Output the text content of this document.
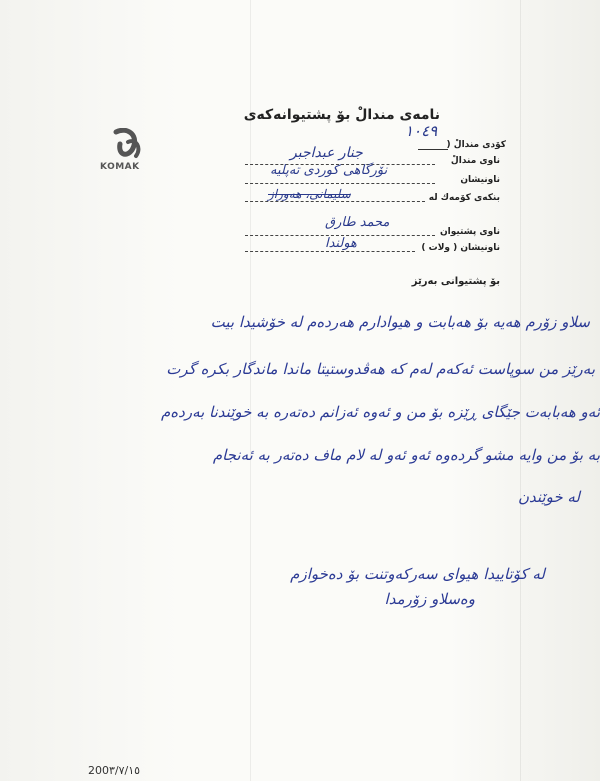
KOMAK
نامەی مندالْ بۆ پشتیوانەکەی
كۆدى مندالْ (
١٠٤٩
ناوی مندالْ
جنار عبداجبر
ناونیشان
نۆرگاهی کوردی تەپلیە
بنکەی کۆمەك لە
سلیمانی، هەوراز
ناوی پشتیوان
محمد طارق
ناونیشان ( ولات )
هولندا
بۆ پشتیوانی بەرێز
سلاو زۆرم هەیە بۆ هەبابت و هیوادارم هەردەم لە خۆشیدا بیت
بەرێز من سوپاست ئەکەم لەم کە هەڤدوستیتا ماندا ماندگار بکرە گرت
ئەو هەبابەت جێگای ڕێزە بۆ من و ئەوە ئەزانم دەتەرە بە خوێندنا بەردەم
بە بۆ من وایە مشو گردەوە ئەو ئەو لە لام ماف دەتەر بە ئەنجام
لە خوێندن
لە کۆتاییدا هیوای سەرکەوتنت بۆ دەخوازم
وەسلاو زۆرمدا
200٣/٧/١٥
